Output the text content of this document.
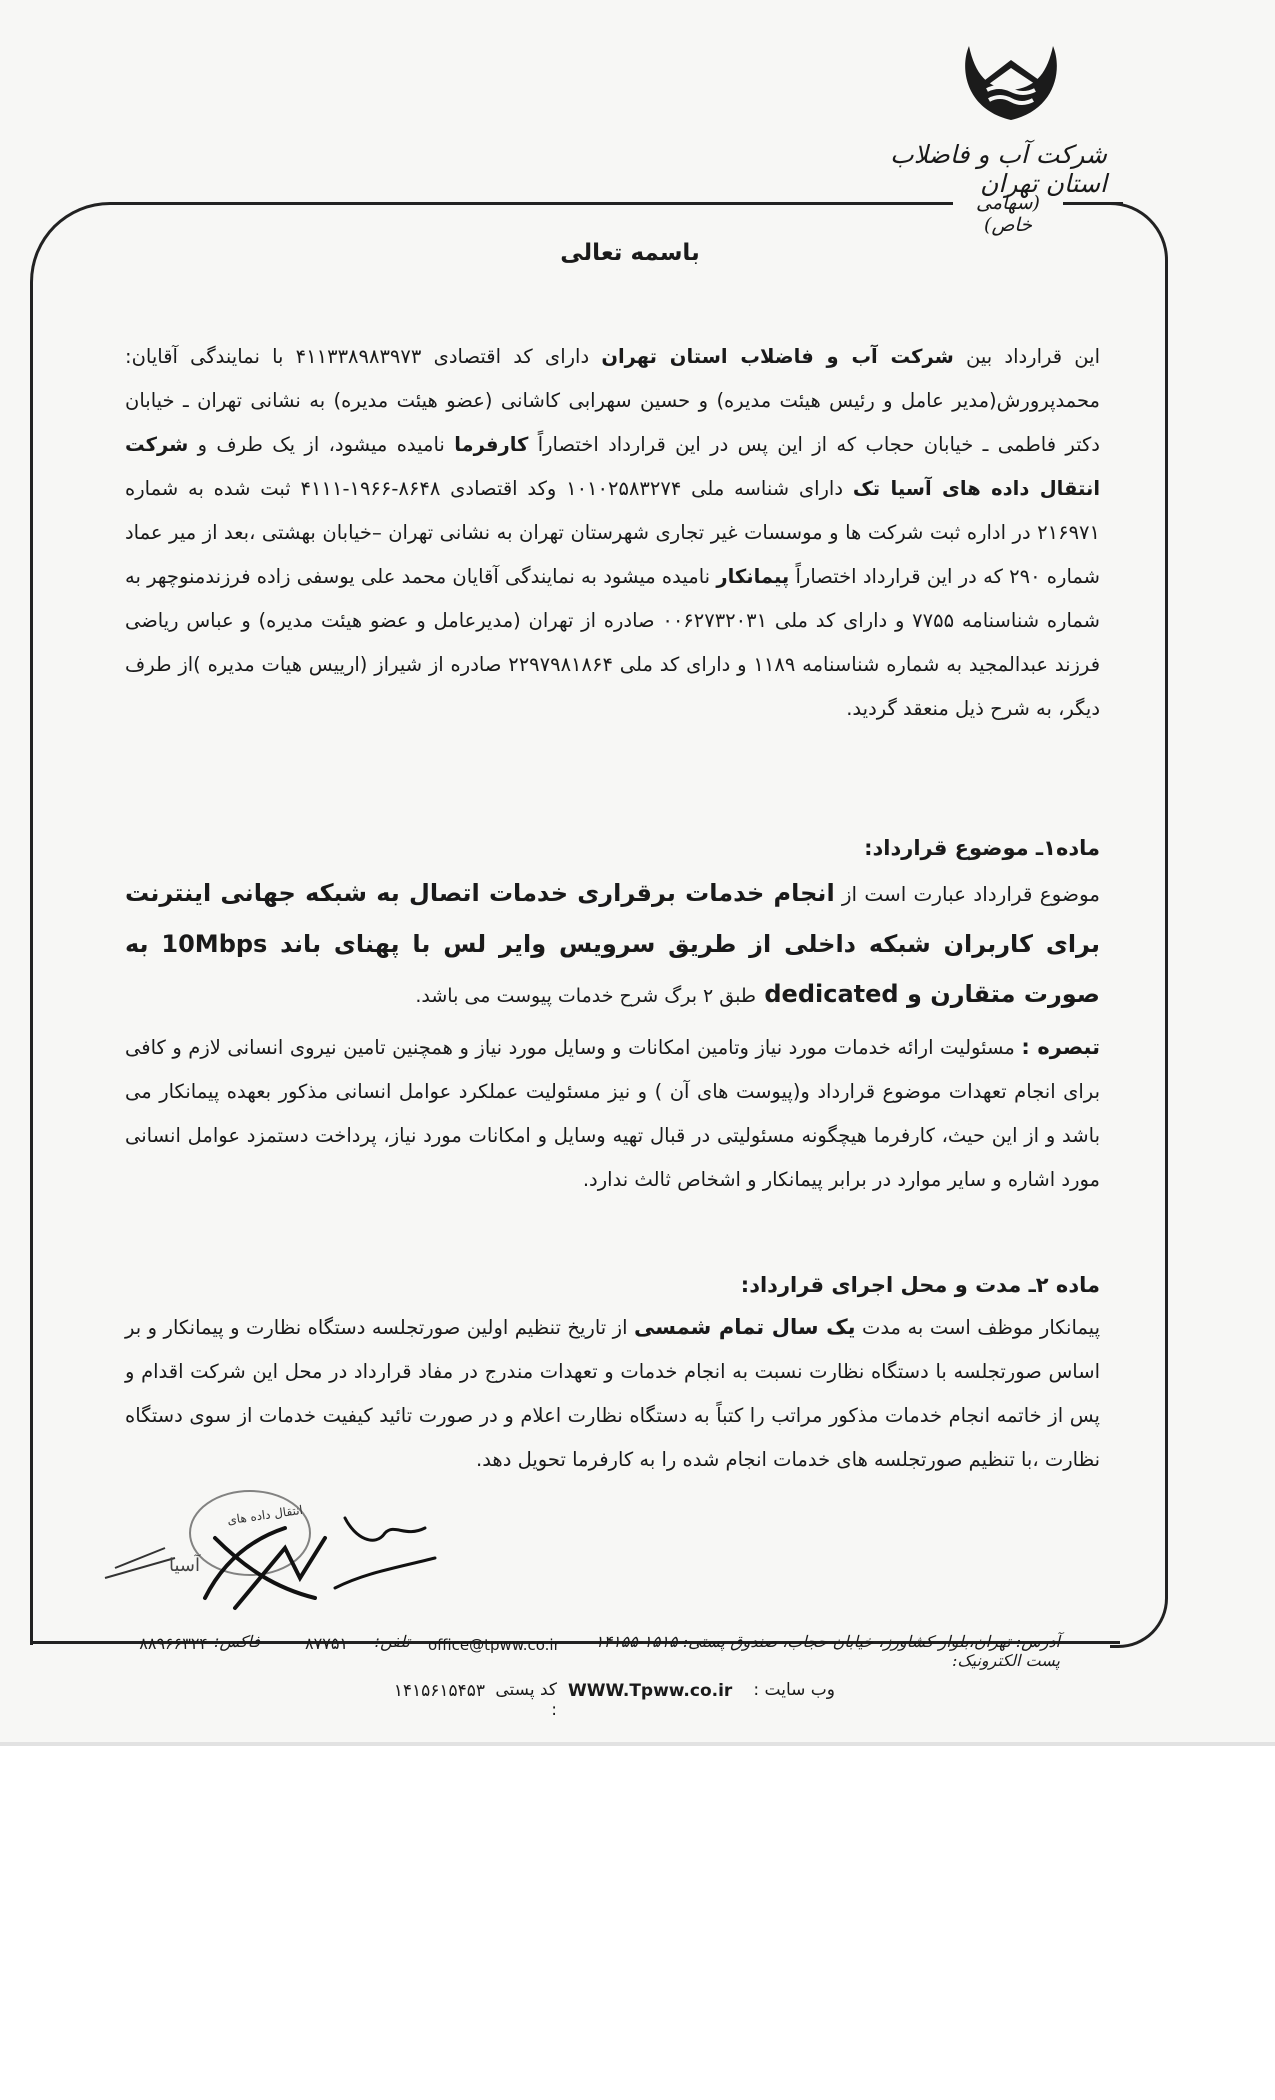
شرکت آب و فاضلاب استان تهران
(سهامی خاص)
باسمه تعالی

این قرارداد بین شرکت آب و فاضلاب استان تهران دارای کد اقتصادی ۴۱۱۳۳۸۹۸۳۹۷۳ با نمایندگی آقایان: محمدپرورش(مدیر عامل و رئیس هیئت مدیره) و حسین سهرابی کاشانی (عضو هیئت مدیره) به نشانی تهران ـ خیابان دکتر فاطمی ـ خیابان حجاب که از این پس در این قرارداد اختصاراً کارفرما نامیده میشود، از یک طرف و شرکت انتقال داده های آسیا تک دارای شناسه ملی ۱۰۱۰۲۵۸۳۲۷۴ وکد اقتصادی ۸۶۴۸-۱۹۶۶-۴۱۱۱ ثبت شده به شماره ۲۱۶۹۷۱ در اداره ثبت شرکت ها و موسسات غیر تجاری شهرستان تهران به نشانی تهران –خیابان بهشتی ،بعد از میر عماد شماره ۲۹۰ که در این قرارداد اختصاراً پیمانکار نامیده میشود به نمایندگی آقایان محمد علی یوسفی زاده فرزندمنوچهر به شماره شناسنامه ۷۷۵۵ و دارای کد ملی ۰۰۶۲۷۳۲۰۳۱ صادره از تهران (مدیرعامل و عضو هیئت مدیره) و عباس ریاضی فرزند عبدالمجید به شماره شناسنامه ۱۱۸۹ و دارای کد ملی ۲۲۹۷۹۸۱۸۶۴ صادره از شیراز (ارییس هیات مدیره )از طرف دیگر، به شرح ذیل منعقد گردید.

ماده۱ـ موضوع قرارداد:

موضوع قرارداد عبارت است از انجام خدمات برقراری خدمات اتصال به شبکه جهانی اینترنت برای کاربران شبکه داخلی از طریق سرویس وایر لس با پهنای باند 10Mbps به صورت متقارن و dedicated طبق ۲ برگ شرح خدمات پیوست می باشد.

تبصره : مسئولیت ارائه خدمات مورد نیاز وتامین امکانات و وسایل مورد نیاز و همچنین تامین نیروی انسانی لازم و کافی برای انجام تعهدات موضوع قرارداد و(پیوست های آن ) و نیز مسئولیت عملکرد عوامل انسانی مذکور بعهده پیمانکار می باشد و از این حیث، کارفرما هیچگونه مسئولیتی در قبال تهیه وسایل و امکانات مورد نیاز، پرداخت دستمزد عوامل انسانی مورد اشاره و سایر موارد در برابر پیمانکار و اشخاص ثالث ندارد.

ماده ۲ـ مدت و محل اجرای قرارداد:

پیمانکار موظف است به مدت یک سال تمام شمسی از تاریخ تنظیم اولین صورتجلسه دستگاه نظارت و پیمانکار و بر اساس صورتجلسه با دستگاه نظارت نسبت به انجام خدمات و تعهدات مندرج در مفاد قرارداد در محل این شرکت اقدام و پس از خاتمه انجام خدمات مذکور مراتب را کتباً به دستگاه نظارت اعلام و در صورت تائید کیفیت خدمات از سوی دستگاه نظارت ،با تنظیم صورتجلسه های خدمات انجام شده را به کارفرما تحویل دهد.

انتقال داده های
آسیا
آدرس: تهران،بلوار کشاورز، خیابان حجاب، صندوق پستی: ۱۵۱۵-۱۴۱۵۵ پست الکترونیک:
office@tpww.co.ir
تلفن:
۸۷۷۵۱
فاکس:
۸۸۹۶۶۳۲۴
وب سایت :
WWW.Tpww.co.ir
کد پستی :
۱۴۱۵۶۱۵۴۵۳
